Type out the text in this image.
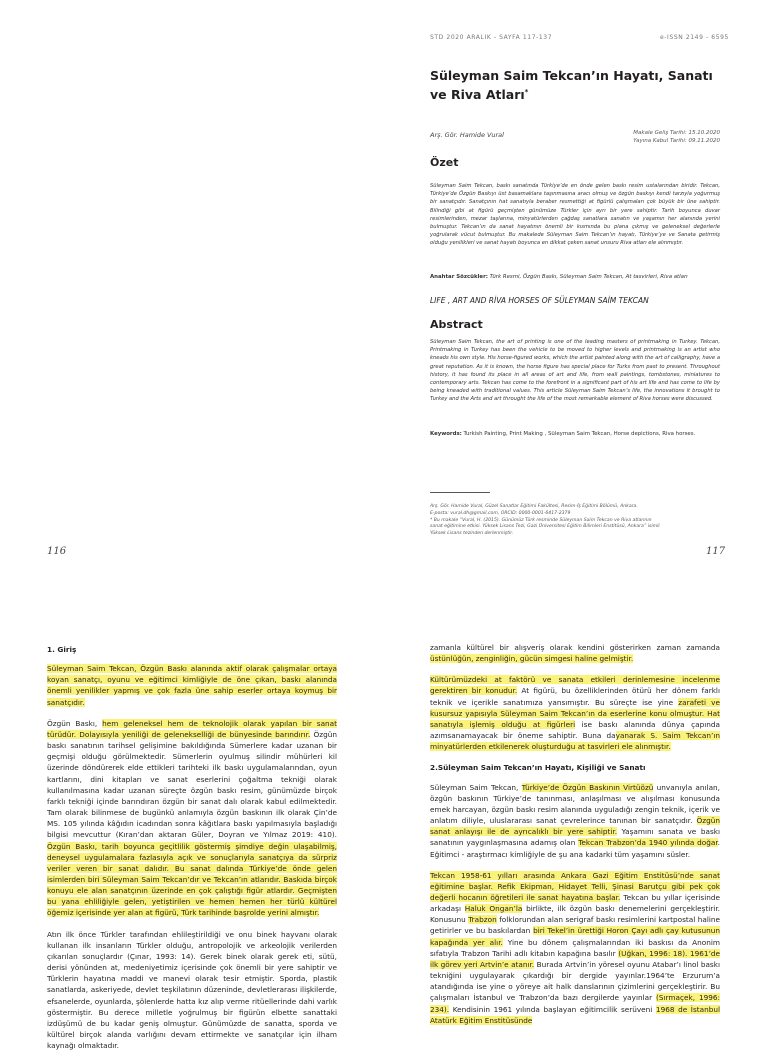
STD 2020 ARALIK - SAYFA 117-137	e-ISSN 2149 - 6595
Süleyman Saim Tekcan’ın Hayatı, Sanatı ve Riva Atları*
Arş. Gör. Hamide Vural	Makale Geliş Tarihi: 15.10.2020
Yayına Kabul Tarihi: 09.11.2020
Özet
Süleyman Saim Tekcan, baskı sanatında Türkiye’de en önde gelen baskı resim ustalarından biridir. Tekcan, Türkiye’de Özgün Baskıyı üst basamaklara taşınmasına aracı olmuş ve özgün baskıyı kendi tarzıyla yoğurmuş bir sanatçıdır. Sanatçının hat sanatıyla beraber resmettiği at figürlü çalışmaları çok büyük bir üne sahiptir. Bilindiği gibi at figürü geçmişten günümüze Türkler için ayrı bir yere sahiptir. Tarih boyunca duvar resimlerinden, mezar taşlarına, minyatürlerden çağdaş sanatlara sanatın ve yaşamın her alanında yerini bulmuştur. Tekcan’ın da sanat hayatının önemli bir kısmında bu plana çıkmış ve geleneksel değerlerle yoğrularak vücut bulmuştur. Bu makalede Süleyman Saim Tekcan’ın hayatı, Türkiye’ye ve Sanata getirmiş olduğu yenilikleri ve sanat hayatı boyunca en dikkat çeken sanat unsuru Riva atları ele alınmıştır.
Anahtar Sözcükler: Türk Resmi, Özgün Baskı, Süleyman Saim Tekcan, At tasvirleri, Riva atları
LIFE , ART AND RİVA HORSES OF SÜLEYMAN SAİM TEKCAN
Abstract
Süleyman Saim Tekcan, the art of printing is one of the leading masters of printmaking in Turkey. Tekcan, Printmaking in Turkey has been the vehicle to be moved to higher levels and printmaking is an artist who kneads his own style. His horse-figured works, which the artist painted along with the art of calligraphy, have a great reputation. As it is known, the horse figure has special place for Turks from past to present. Throughout history, it has found its place in all areas of art and life, from wall paintings, tombstones, miniatures to contemporary arts. Tekcan has come to the forefront in a significant part of his art life and has come to life by being kneaded with traditional values. This article Süleyman Saim Tekcan’s life, the innovations it brought to Turkey and the Arts and art throught the life of the most remarkable element of Riva horses were discussed.
Keywords: Turkish Painting, Print Making , Süleyman Saim Tekcan, Horse depictions, Riva horses.
Arş. Gör. Hamide Vural, Güzel Sanatlar Eğitimi Fakültesi, Resim-İş Eğitimi Bölümü, Ankara.
E-posta: vural.dh@gmail.com, ORCID: 0000-0001-6417-2379
* Bu makale “Vural, H. (2015). Günümüz Türk resminde Süleyman Saim Tekcan ve Riva atlarının
sanat eğitimine etkisi. Yüksek Lisans Tezi, Gazi Üniversitesi Eğitim Bilimleri Enstitüsü, Ankara” isimli
Yüksek Lisans tezinden derlenmiştir.
116	117
1. Giriş

Süleyman Saim Tekcan, Özgün Baskı alanında aktif olarak çalışmalar ortaya koyan sanatçı, oyunu ve eğitimci kimliğiyle de öne çıkan, baskı alanında önemli yenilikler yapmış ve çok fazla üne sahip eserler ortaya koymuş bir sanatçıdır.

Özgün Baskı, hem geleneksel hem de teknolojik olarak yapılan bir sanat türüdür. Dolayısıyla yeniliği de gelenekselliği de bünyesinde barındırır. Özgün baskı sanatının tarihsel gelişimine bakıldığında Sümerlere kadar uzanan bir geçmişi olduğu görülmektedir. Sümerlerin oyulmuş silindir mühürleri kil üzerinde döndürerek elde ettikleri tarihteki ilk baskı uygulamalarından, oyun kartlarını, dini kitapları ve sanat eserlerini çoğaltma tekniği olarak kullanılmasına kadar uzanan süreçte özgün baskı resim, günümüzde birçok farklı tekniği içinde barındıran özgün bir sanat dalı olarak kabul edilmektedir. Tam olarak bilinmese de bugünkü anlamıyla özgün baskının ilk olarak Çin’de MS. 105 yılında kâğıdın icadından sonra kâğıtlara baskı yapılmasıyla başladığı bilgisi mevcuttur (Kıran’dan aktaran Güler, Doyran ve Yılmaz 2019: 410). Özgün Baskı, tarih boyunca geçitlilik göstermiş şimdiye değin ulaşabilmiş, deneysel uygulamalara fazlasıyla açık ve sonuçlarıyla sanatçıya da sürpriz veriler veren bir sanat dalıdır. Bu sanat dalında Türkiye’de önde gelen isimlerden biri Süleyman Saim Tekcan’dır ve Tekcan’ın atlarıdır. Baskıda birçok konuyu ele alan sanatçının üzerinde en çok çalıştığı figür atlardır. Geçmişten bu yana ehliliğiyle gelen, yetiştirilen ve hemen hemen her türlü kültürel öğemiz içerisinde yer alan at figürü, Türk tarihinde başrolde yerini almıştır.

Atın ilk önce Türkler tarafından ehlileştirildiği ve onu binek hayvanı olarak kullanan ilk insanların Türkler olduğu, antropolojik ve arkeolojik verilerden çıkarılan sonuçlardır (Çınar, 1993: 14). Gerek binek olarak gerek eti, sütü, derisi yönünden at, medeniyetimiz içerisinde çok önemli bir yere sahiptir ve Türklerin hayatına maddi ve manevi olarak tesir etmiştir. Sporda, plastik sanatlarda, askeriyede, devlet teşkilatının düzeninde, devletlerarası ilişkilerde, efsanelerde, oyunlarda, şölenlerde hatta kız alıp verme ritüellerinde dahi varlık göstermiştir. Bu derece milletle yoğrulmuş bir figürün elbette sanattaki izdüşümü de bu kadar geniş olmuştur. Günümüzde de sanatta, sporda ve kültürel birçok alanda varlığını devam ettirmekte ve sanatçılar için ilham kaynağı olmaktadır.

zamanla kültürel bir alışveriş olarak kendini gösterirken zaman zamanda üstünlüğün, zenginliğin, gücün simgesi haline gelmiştir.

Kültürümüzdeki at faktörü ve sanata etkileri derinlemesine incelenme gerektiren bir konudur. At figürü, bu özelliklerinden ötürü her dönem farklı teknik ve içerikle sanatımıza yansımıştır. Bu süreçte ise yine zarafeti ve kusursuz yapısıyla Süleyman Saim Tekcan’ın da eserlerine konu olmuştur. Hat sanatıyla işlemiş olduğu at figürleri ise baskı alanında dünya çapında azımsanamayacak bir öneme sahiptir. Buna dayanarak S. Saim Tekcan’ın minyatürlerden etkilenerek oluşturduğu at tasvirleri ele alınmıştır.

2.Süleyman Saim Tekcan’ın Hayatı, Kişiliği ve Sanatı

Süleyman Saim Tekcan, Türkiye’de Özgün Baskının Virtüözü unvanıyla anılan, özgün baskının Türkiye’de tanınması, anlaşılması ve alışılması konusunda emek harcayan, özgün baskı resim alanında uyguladığı zengin teknik, içerik ve anlatım diliyle, uluslararası sanat çevrelerince tanınan bir sanatçıdır. Özgün sanat anlayışı ile de ayrıcalıklı bir yere sahiptir. Yaşamını sanata ve baskı sanatının yaygınlaşmasına adamış olan Tekcan Trabzon’da 1940 yılında doğar. Eğitimci - araştırmacı kimliğiyle de şu ana kadarki tüm yaşamını süsler.

Tekcan 1958-61 yılları arasında Ankara Gazi Eğitim Enstitüsü’nde sanat eğitimine başlar. Refik Ekipman, Hidayet Telli, Şinasi Barutçu gibi pek çok değerli hocanın öğretileri ile sanat hayatına başlar. Tekcan bu yıllar içerisinde arkadaşı Haluk Ongan’la birlikte, ilk özgün baskı denemelerini gerçekleştirir. Konusunu Trabzon folklorundan alan serigraf baskı resimlerini kartpostal haline getirirler ve bu baskılardan biri Tekel’in ürettiği Horon Çayı adlı çay kutusunun kapağında yer alır. Yine bu dönem çalışmalarından iki baskısı da Anonim sıfatıyla Trabzon Tarihi adlı kitabın kapağına basılır (Uğkan, 1996: 18). 1961’de ilk görev yeri Artvin’e atanır. Burada Artvin’in yöresel oyunu Atabar’ı linol baskı tekniğini uygulayarak çıkardığı bir dergide yayınlar.1964’te Erzurum’a atandığında ise yine o yöreye ait halk danslarının çizimlerini gerçekleştirir. Bu çalışmaları İstanbul ve Trabzon’da bazı dergilerde yayınlar (Sırmaçek, 1996: 234). Kendisinin 1961 yılında başlayan eğitimcilik serüveni 1968 de İstanbul Atatürk Eğitim Enstitüsünde
